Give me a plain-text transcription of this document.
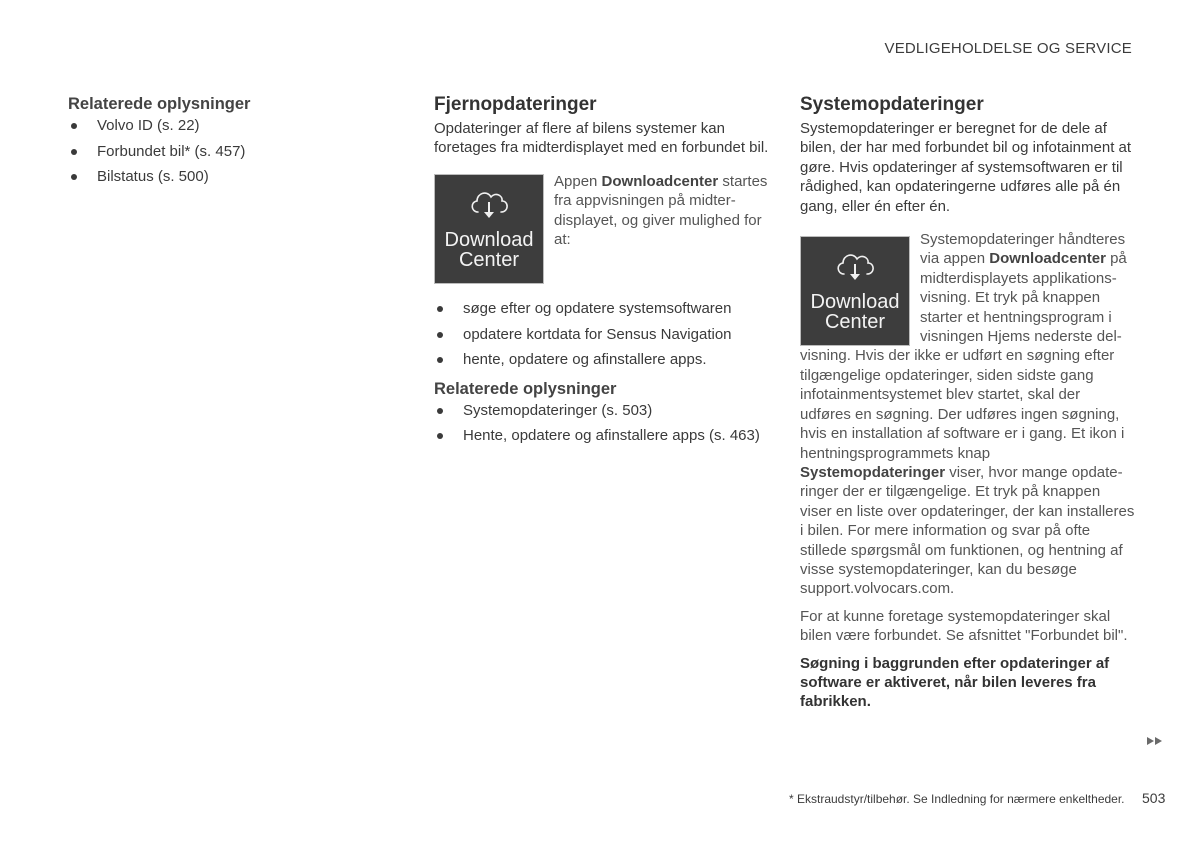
VEDLIGEHOLDELSE OG SERVICE
Relaterede oplysninger
Volvo ID (s. 22)
Forbundet bil* (s. 457)
Bilstatus (s. 500)
Fjernopdateringer

Opdateringer af flere af bilens systemer kan foretages fra midterdisplayet med en forbundet bil.

Download
Center
Appen Downloadcenter startes fra appvisningen på midterdisplayet, og giver mulighed for at:
søge efter og opdatere systemsoftwaren
opdatere kortdata for Sensus Navigation
hente, opdatere og afinstallere apps.
Relaterede oplysninger
Systemopdateringer (s. 503)
Hente, opdatere og afinstallere apps (s. 463)
Systemopdateringer

Systemopdateringer er beregnet for de dele af bilen, der har med forbundet bil og infotainment at gøre. Hvis opdateringer af systemsoftwaren er til rådighed, kan opdateringerne udføres alle på én gang, eller én efter én.

Download
Center

Systemopdateringer håndteres via appen Downloadcenter på midterdisplayets applikationsvisning. Et tryk på knappen starter et hentningsprogram i visningen Hjems nederste delvisning. Hvis der ikke er udført en søgning efter tilgængelige opdateringer, siden sidste gang infotainmentsystemet blev startet, skal der udføres en søgning. Der udføres ingen søgning, hvis en installation af software er i gang. Et ikon i hentningsprogrammets knap Systemopdateringer viser, hvor mange opdateringer der er tilgængelige. Et tryk på knappen viser en liste over opdateringer, der kan installeres i bilen. For mere information og svar på ofte stillede spørgsmål om funktionen, og hentning af visse systemopdateringer, kan du besøge support.volvocars.com.

For at kunne foretage systemopdateringer skal bilen være forbundet. Se afsnittet "Forbundet bil".

Søgning i baggrunden efter opdateringer af software er aktiveret, når bilen leveres fra fabrikken.

* Ekstraudstyr/tilbehør. Se Indledning for nærmere enkeltheder. 503
